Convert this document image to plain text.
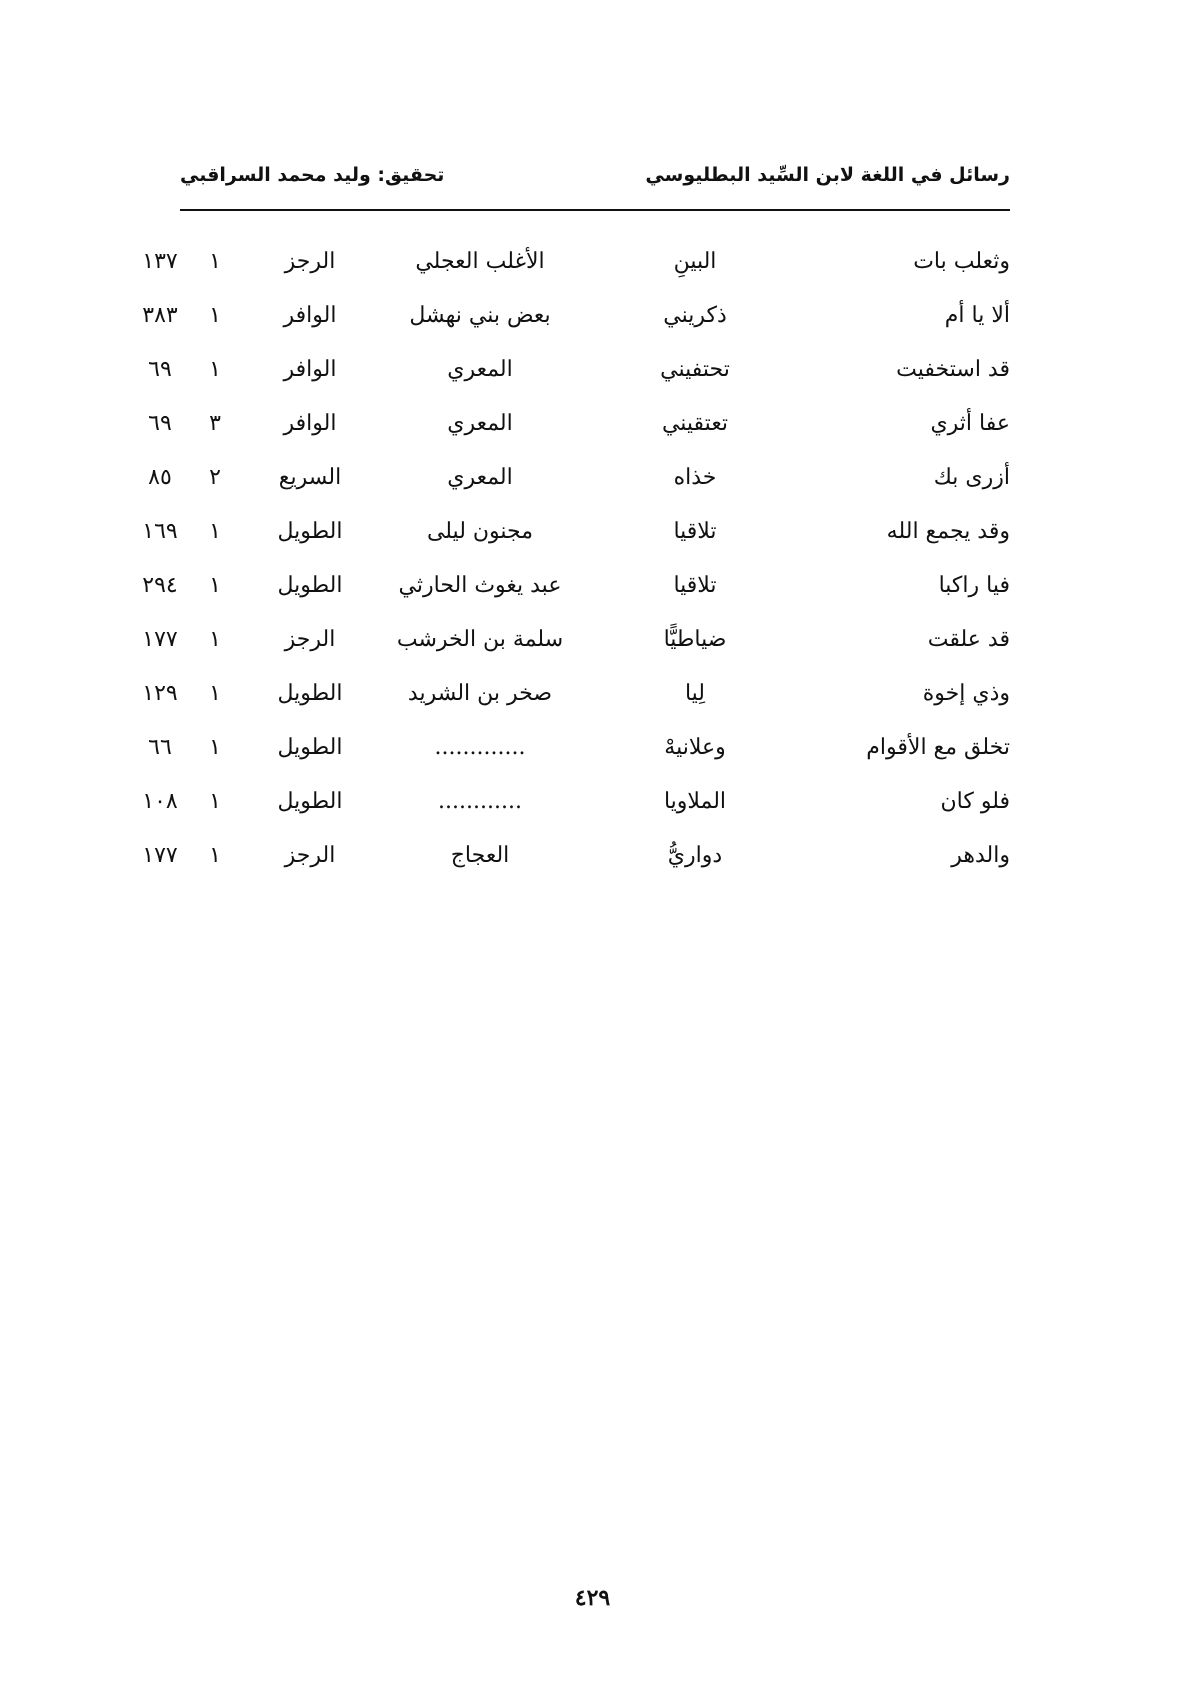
رسائل في اللغة لابن السِّيد البطليوسي
تحقيق: وليد محمد السراقبي
وثعلب بات
البينِ
الأغلب العجلي
الرجز
١
١٣٧
ألا يا أم
ذكريني
بعض بني نهشل
الوافر
١
٣٨٣
قد استخفيت
تحتفيني
المعري
الوافر
١
٦٩
عفا أثري
تعتقيني
المعري
الوافر
٣
٦٩
أزرى بك
خذاه
المعري
السريع
٢
٨٥
وقد يجمع الله
تلاقيا
مجنون ليلى
الطويل
١
١٦٩
فيا راكبا
تلاقيا
عبد يغوث الحارثي
الطويل
١
٢٩٤
قد علقت
ضياطيًّا
سلمة بن الخرشب
الرجز
١
١٧٧
وذي إخوة
لِيا
صخر بن الشريد
الطويل
١
١٢٩
تخلق مع الأقوام
وعلانيهْ
.............
الطويل
١
٦٦
فلو كان
الملاويا
............
الطويل
١
١٠٨
والدهر
دواريُّ
العجاج
الرجز
١
١٧٧
٤٢٩
